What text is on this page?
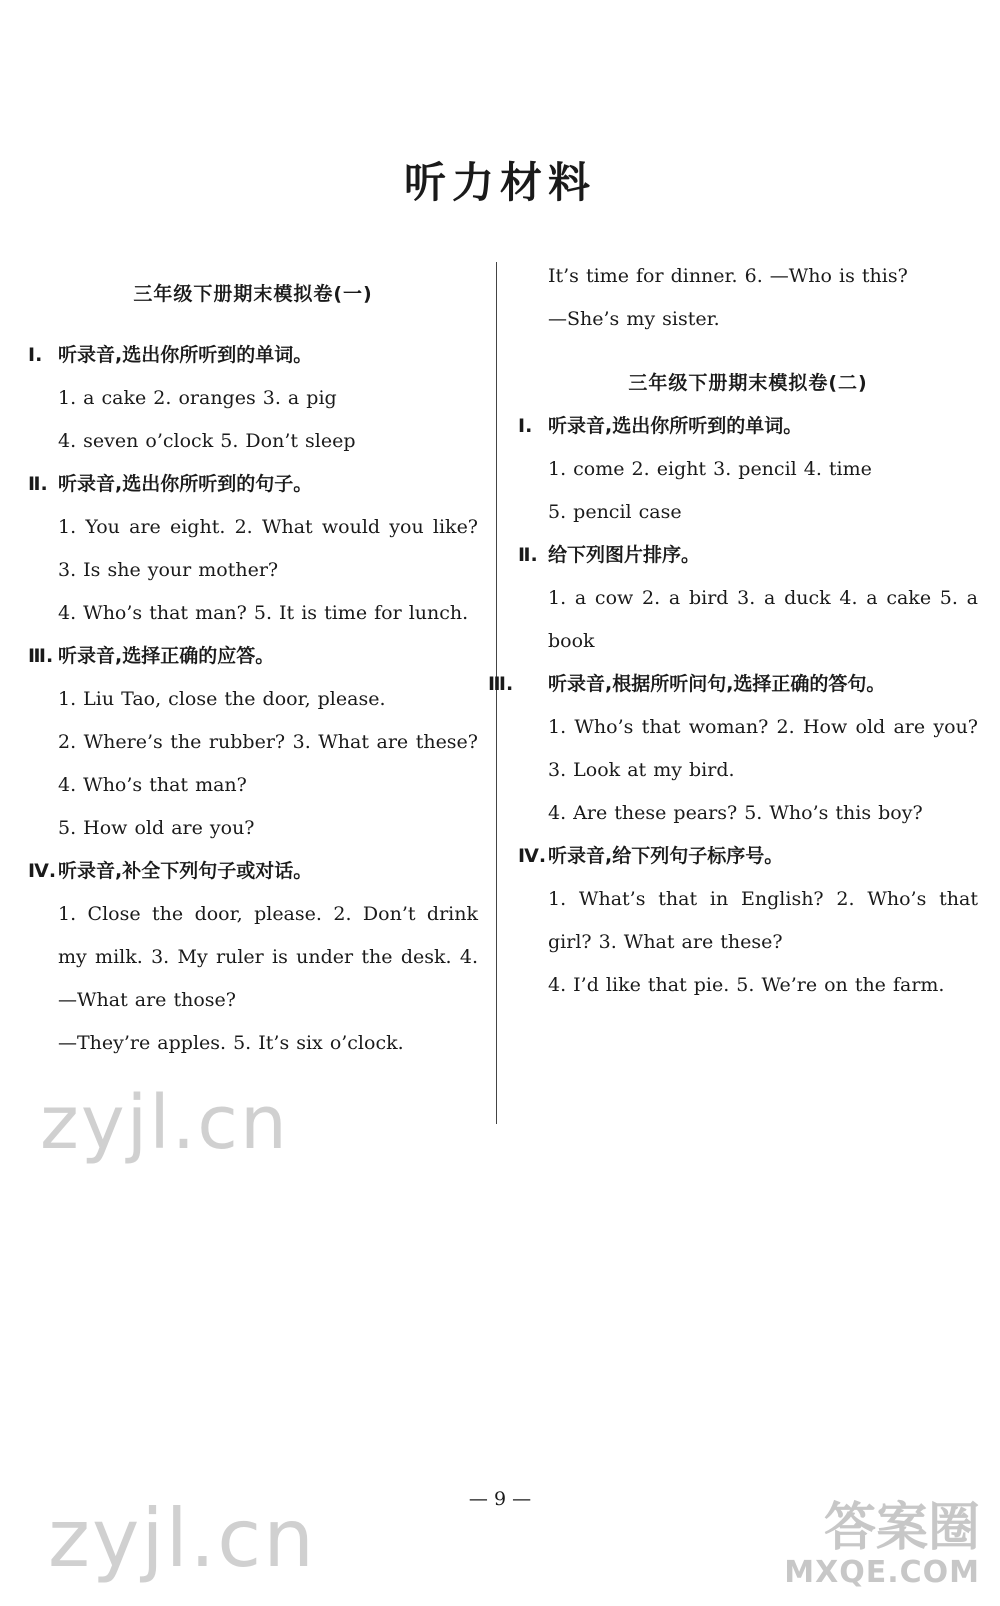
听力材料
三年级下册期末模拟卷(一)

Ⅰ. 听录音,选出你所听到的单词。

1. a cake 2. oranges 3. a pig

4. seven o’clock 5. Don’t sleep

Ⅱ. 听录音,选出你所听到的句子。

1. You are eight. 2. What would you like? 3. Is she your mother?

4. Who’s that man? 5. It is time for lunch.

Ⅲ. 听录音,选择正确的应答。

1. Liu Tao, close the door, please.

2. Where’s the rubber? 3. What are these? 4. Who’s that man?

5. How old are you?

Ⅳ. 听录音,补全下列句子或对话。

1. Close the door, please. 2. Don’t drink my milk. 3. My ruler is under the desk. 4. —What are those?

—They’re apples. 5. It’s six o’clock.

It’s time for dinner. 6. —Who is this?

—She’s my sister.

三年级下册期末模拟卷(二)

Ⅰ. 听录音,选出你所听到的单词。

1. come 2. eight 3. pencil 4. time

5. pencil case

Ⅱ. 给下列图片排序。

1. a cow 2. a bird 3. a duck 4. a cake 5. a book

Ⅲ. 听录音,根据所听问句,选择正确的答句。

1. Who’s that woman? 2. How old are you? 3. Look at my bird.

4. Are these pears? 5. Who’s this boy?

Ⅳ. 听录音,给下列句子标序号。

1. What’s that in English? 2. Who’s that girl? 3. What are these?

4. I’d like that pie. 5. We’re on the farm.

— 9 —
zyjl.cn
zyjl.cn	答案圈
MXQE.COM
